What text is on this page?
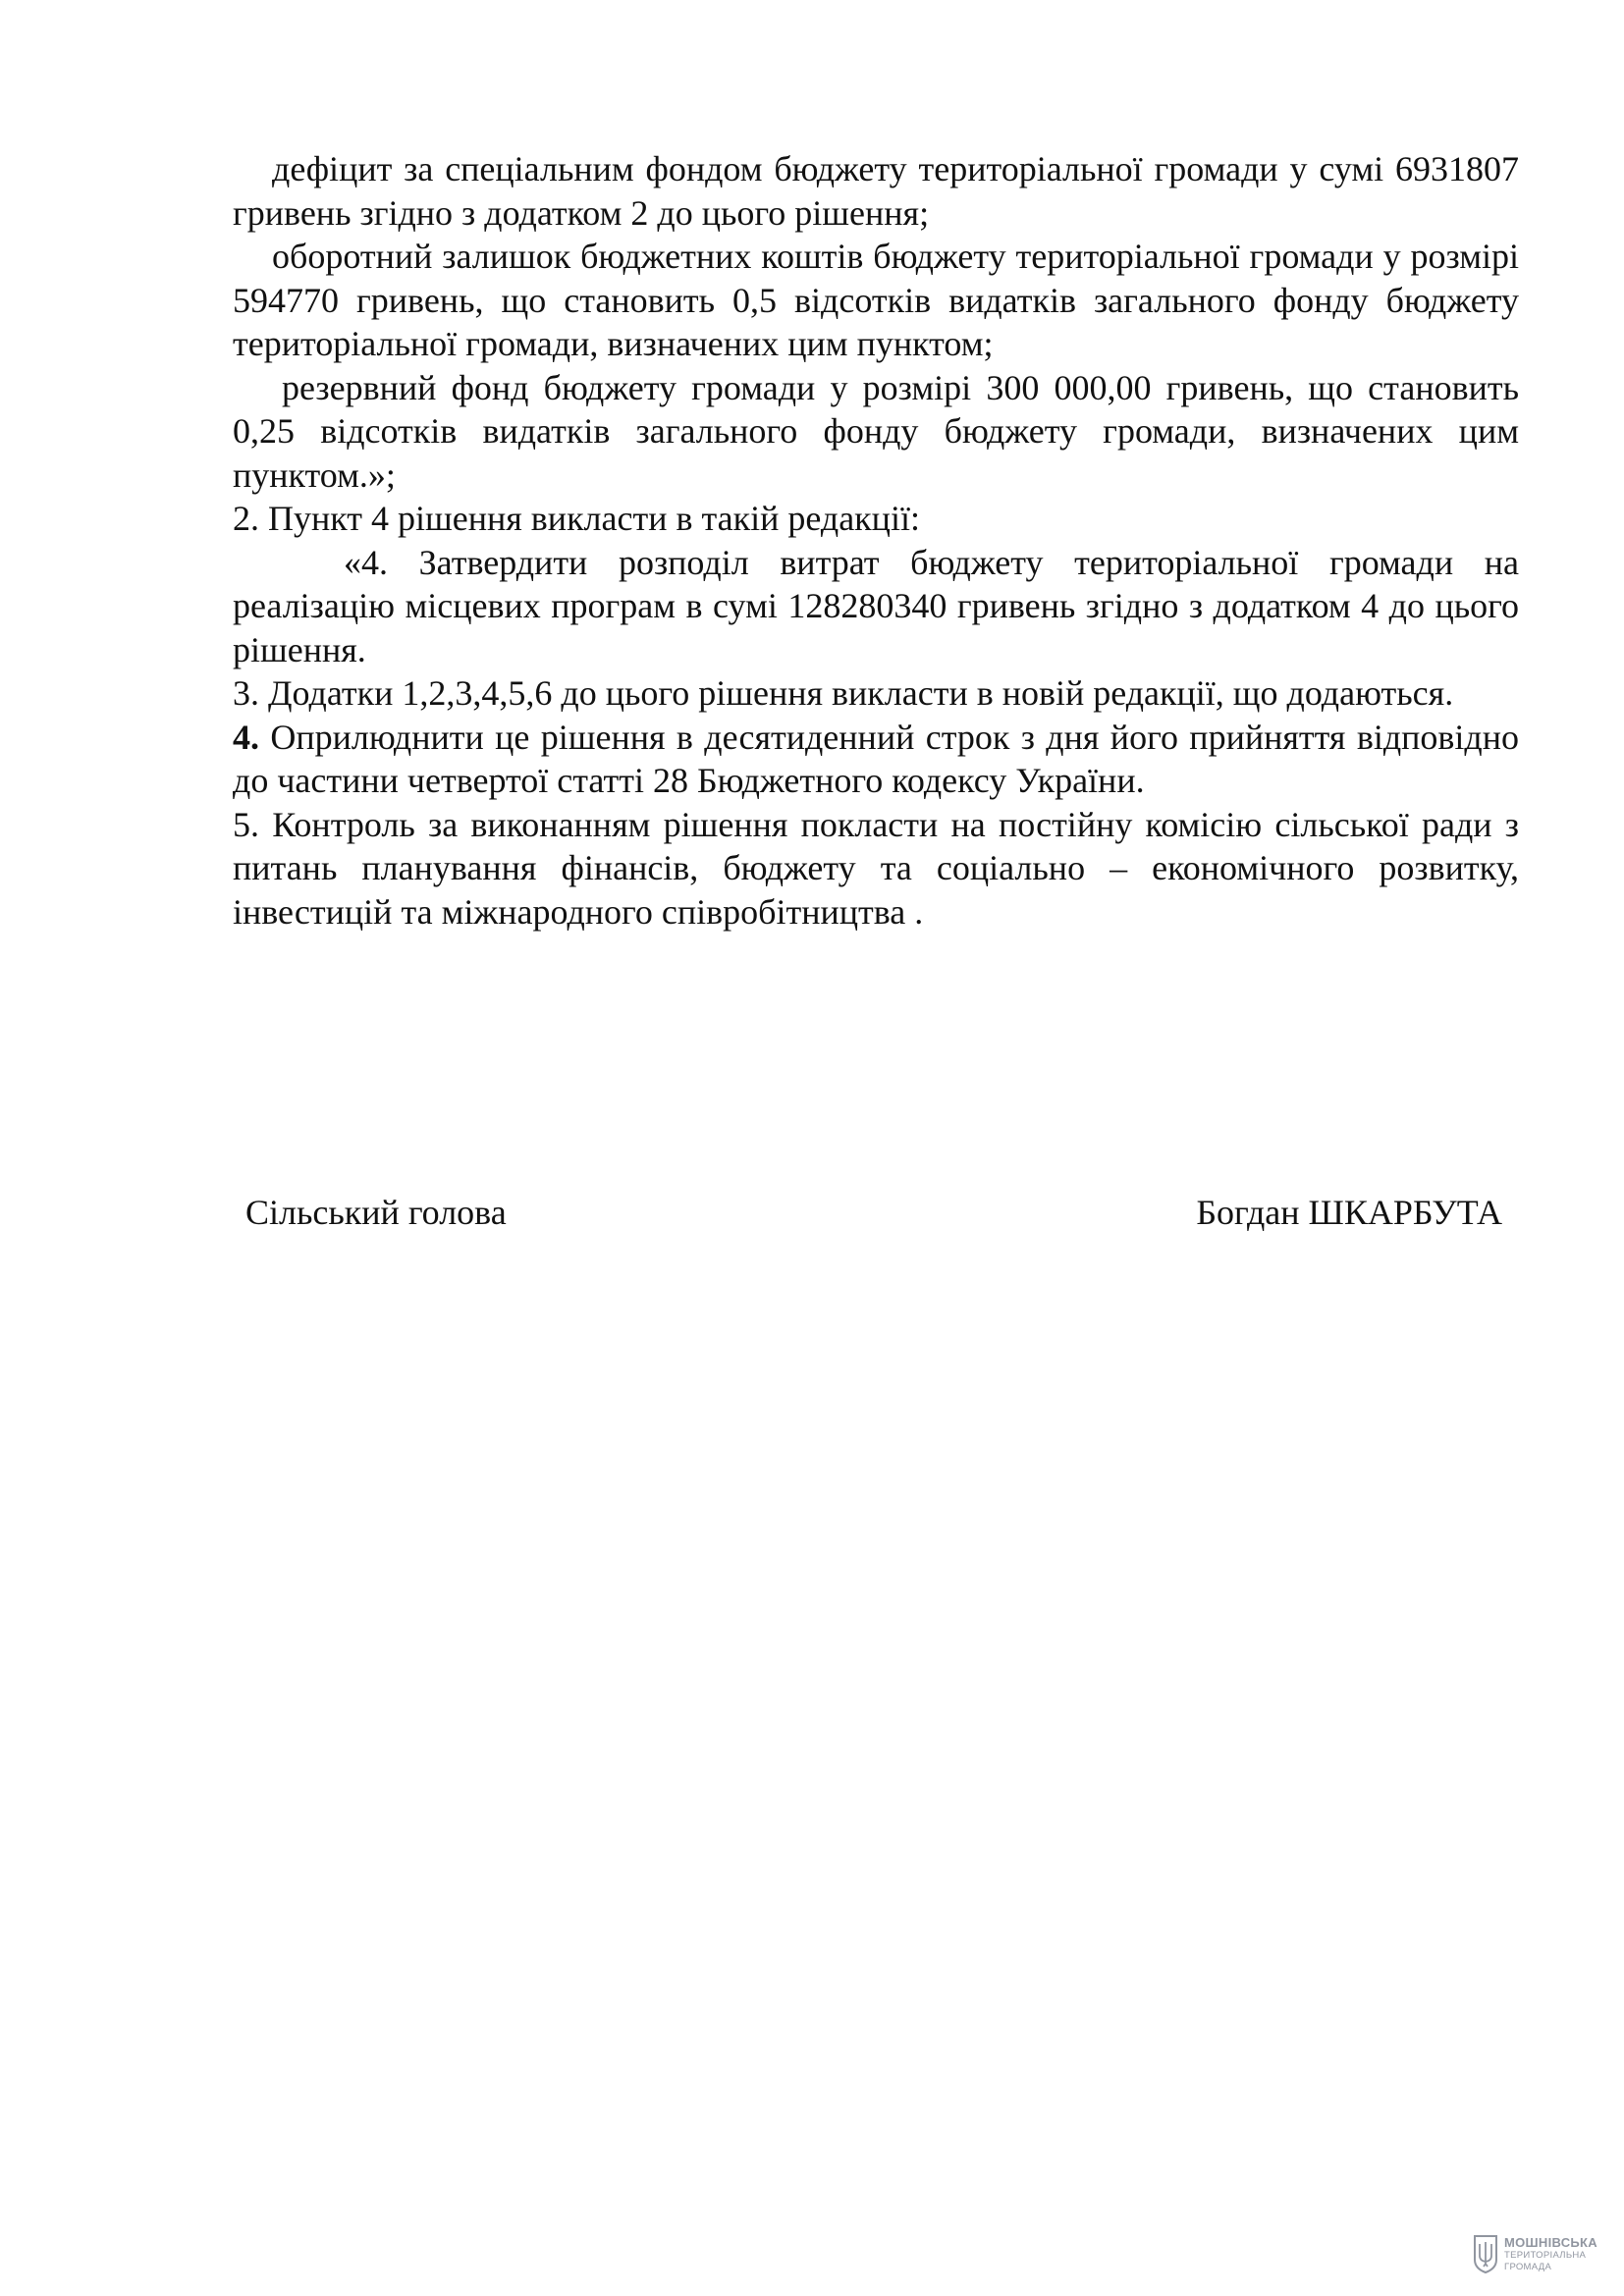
дефіцит за спеціальним фондом бюджету територіальної громади у сумі 6931807 гривень згідно з додатком 2 до цього рішення;

оборотний залишок бюджетних коштів бюджету територіальної громади у розмірі 594770 гривень, що становить 0,5 відсотків видатків загального фонду бюджету територіальної громади, визначених цим пунктом;

резервний фонд бюджету громади у розмірі 300 000,00 гривень, що становить 0,25 відсотків видатків загального фонду бюджету громади, визначених цим пунктом.»;

2. Пункт 4 рішення викласти в такій редакції:

«4. Затвердити розподіл витрат бюджету територіальної громади на реалізацію місцевих програм в сумі 128280340 гривень згідно з додатком 4 до цього рішення.

3. Додатки 1,2,3,4,5,6 до цього рішення викласти в новій редакції, що додаються.

4. Оприлюднити це рішення в десятиденний строк з дня його прийняття відповідно до частини четвертої статті 28 Бюджетного кодексу України.

5. Контроль за виконанням рішення покласти на постійну комісію сільської ради з питань планування фінансів, бюджету та соціально – економічного розвитку, інвестицій та міжнародного співробітництва .

Сільський голова	Богдан ШКАРБУТА
МОШНІВСЬКА
ТЕРИТОРІАЛЬНА
ГРОМАДА
